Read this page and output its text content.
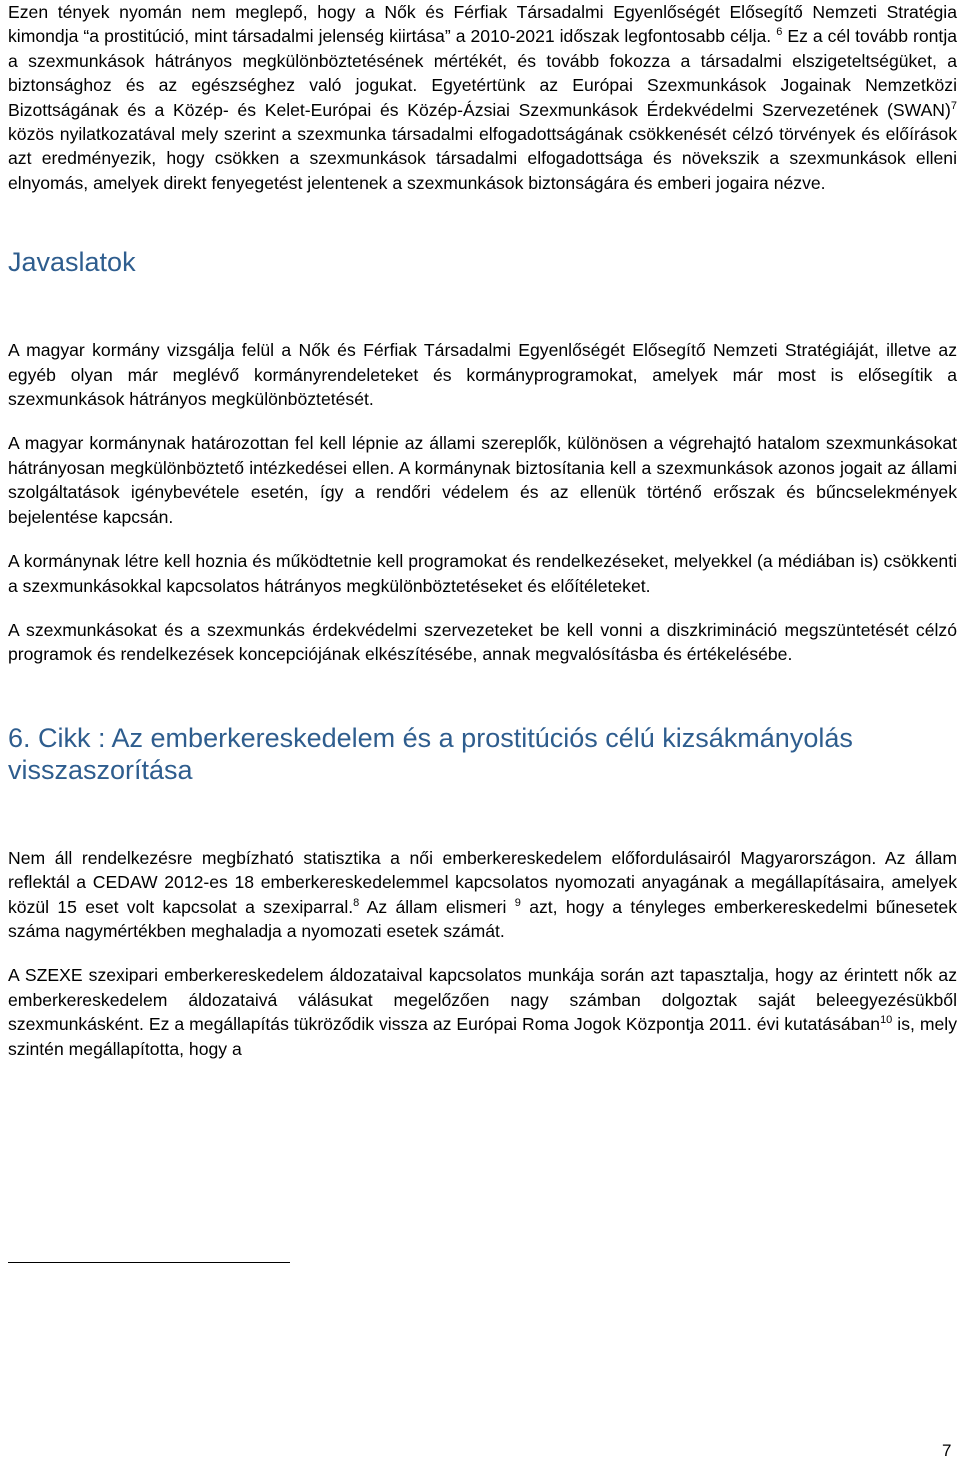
Ezen tények nyomán nem meglepő, hogy a Nők és Férfiak Társadalmi Egyenlőségét Elősegítő Nemzeti Stratégia kimondja “a prostitúció, mint társadalmi jelenség kiirtása” a 2010-2021 időszak legfontosabb célja. $^6$ Ez a cél tovább rontja a szexmunkások hátrányos megkülönböztetésének mértékét, és tovább fokozza a társadalmi elszigeteltségüket, a biztonsághoz és az egészséghez való jogukat. Egyetértünk az Európai Szexmunkások Jogainak Nemzetközi Bizottságának és a Közép- és Kelet-Európai és Közép-Ázsiai Szexmunkások Érdekvédelmi Szervezetének (SWAN)$^7$ közös nyilatkozatával mely szerint a szexmunka társadalmi elfogadottságának csökkenését célzó törvények és előírások azt eredményezik, hogy csökken a szexmunkások társadalmi elfogadottsága és növekszik a szexmunkások elleni elnyomás, amelyek direkt fenyegetést jelentenek a szexmunkások biztonságára és emberi jogaira nézve.

Javaslatok

A magyar kormány vizsgálja felül a Nők és Férfiak Társadalmi Egyenlőségét Elősegítő Nemzeti Stratégiáját, illetve az egyéb olyan már meglévő kormányrendeleteket és kormányprogramokat, amelyek már most is elősegítik a szexmunkások hátrányos megkülönböztetését.

A magyar kormánynak határozottan fel kell lépnie az állami szereplők, különösen a végrehajtó hatalom szexmunkásokat hátrányosan megkülönböztető intézkedései ellen. A kormánynak biztosítania kell a szexmunkások azonos jogait az állami szolgáltatások igénybevétele esetén, így a rendőri védelem és az ellenük történő erőszak és bűncselekmények bejelentése kapcsán.

A kormánynak létre kell hoznia és működtetnie kell programokat és rendelkezéseket, melyekkel (a médiában is) csökkenti a szexmunkásokkal kapcsolatos hátrányos megkülönböztetéseket és előítéleteket.

A szexmunkásokat és a szexmunkás érdekvédelmi szervezeteket be kell vonni a diszkrimináció megszüntetését célzó programok és rendelkezések koncepciójának elkészítésébe, annak megvalósításba és értékelésébe.

6. Cikk : Az emberkereskedelem és a prostitúciós célú kizsákmányolás visszaszorítása

Nem áll rendelkezésre megbízható statisztika a női emberkereskedelem előfordulásairól Magyarországon. Az állam reflektál a CEDAW 2012-es 18 emberkereskedelemmel kapcsolatos nyomozati anyagának a megállapításaira, amelyek közül 15 eset volt kapcsolat a szexiparral.$^8$ Az állam elismeri $^9$ azt, hogy a tényleges emberkereskedelmi bűnesetek száma nagymértékben meghaladja a nyomozati esetek számát.

A SZEXE szexipari emberkereskedelem áldozataival kapcsolatos munkája során azt tapasztalja, hogy az érintett nők az emberkereskedelem áldozataivá válásukat megelőzően nagy számban dolgoztak saját beleegyezésükből szexmunkásként. Ez a megállapítás tükröződik vissza az Európai Roma Jogok Központja 2011. évi kutatásában$^{10}$ is, mely szintén megállapította, hogy a

7
